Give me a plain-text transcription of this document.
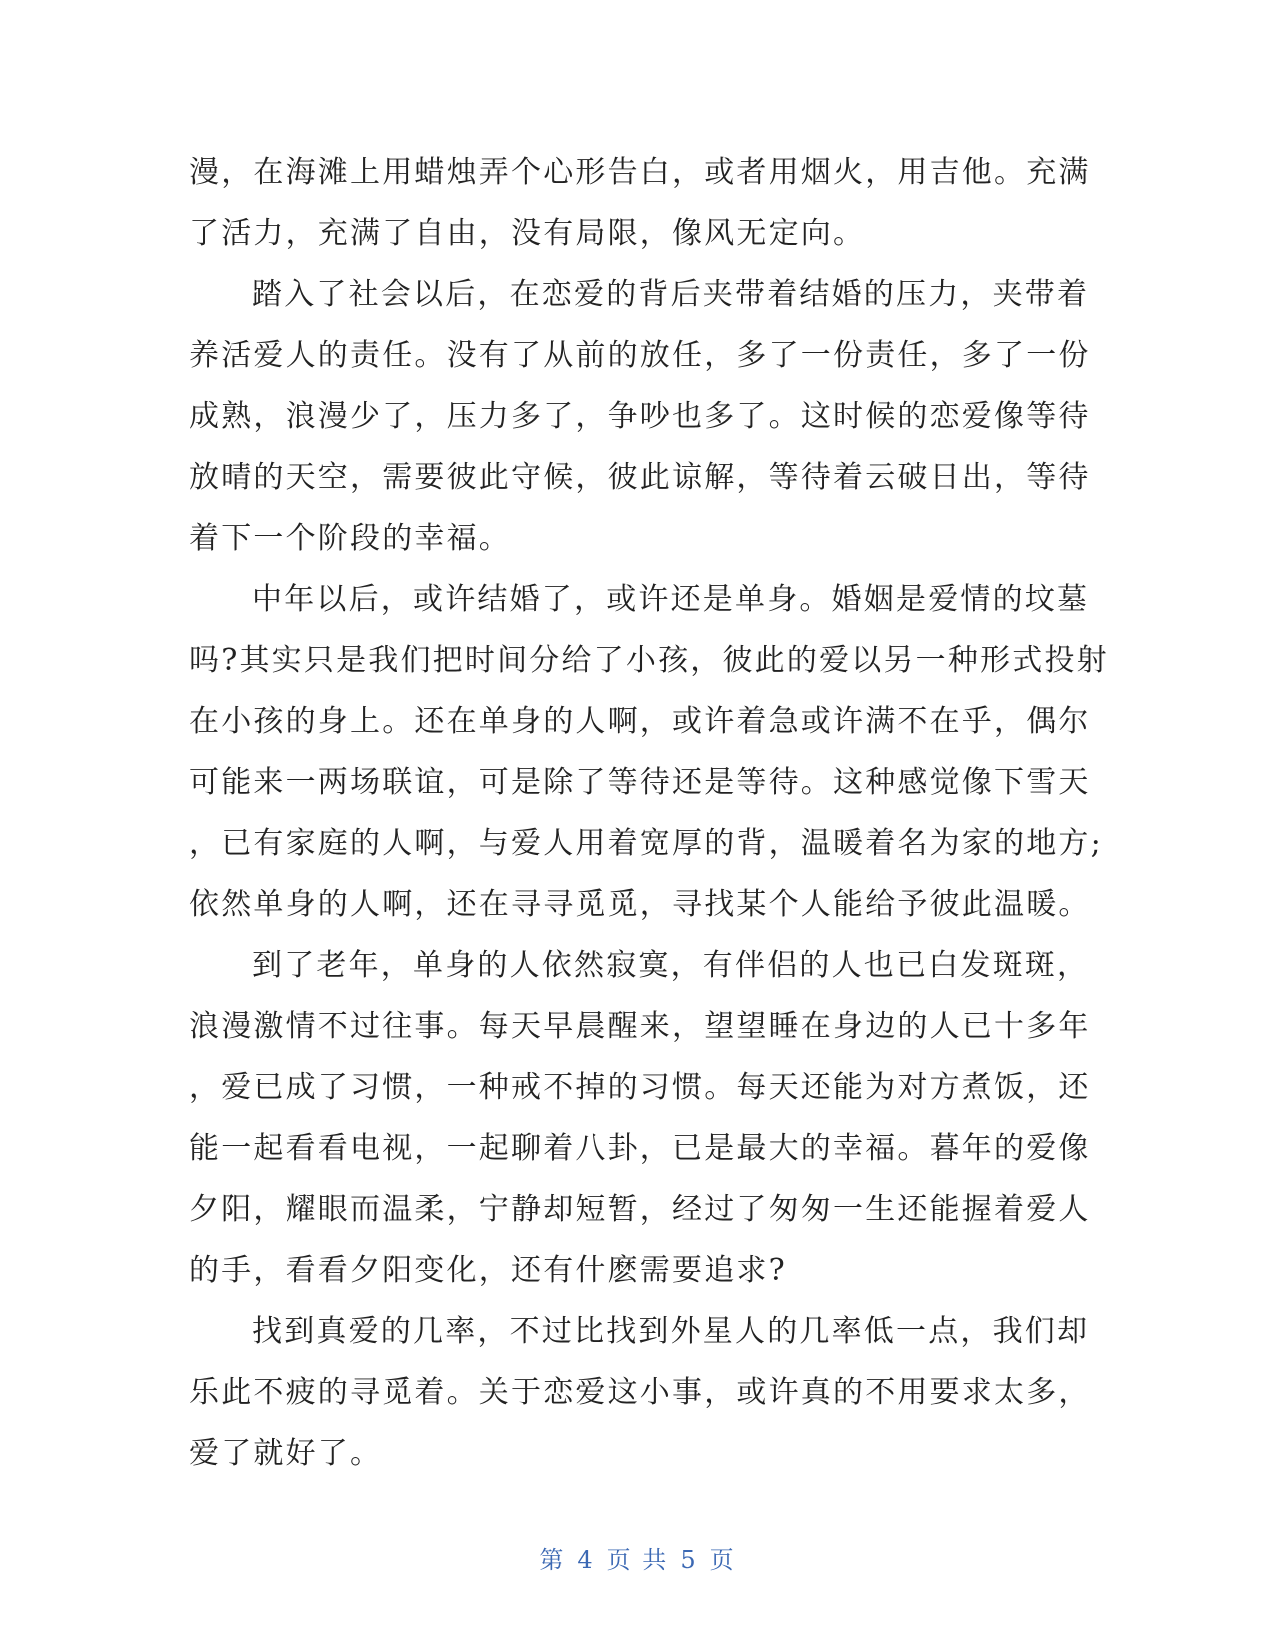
漫，在海滩上用蜡烛弄个心形告白，或者用烟火，用吉他。充满
了活力，充满了自由，没有局限，像风无定向。
踏入了社会以后，在恋爱的背后夹带着结婚的压力，夹带着
养活爱人的责任。没有了从前的放任，多了一份责任，多了一份
成熟，浪漫少了，压力多了，争吵也多了。这时候的恋爱像等待
放晴的天空，需要彼此守候，彼此谅解，等待着云破日出，等待
着下一个阶段的幸福。
中年以后，或许结婚了，或许还是单身。婚姻是爱情的坟墓
吗?其实只是我们把时间分给了小孩，彼此的爱以另一种形式投射
在小孩的身上。还在单身的人啊，或许着急或许满不在乎，偶尔
可能来一两场联谊，可是除了等待还是等待。这种感觉像下雪天
，已有家庭的人啊，与爱人用着宽厚的背，温暖着名为家的地方;
依然单身的人啊，还在寻寻觅觅，寻找某个人能给予彼此温暖。
到了老年，单身的人依然寂寞，有伴侣的人也已白发斑斑，
浪漫激情不过往事。每天早晨醒来，望望睡在身边的人已十多年
，爱已成了习惯，一种戒不掉的习惯。每天还能为对方煮饭，还
能一起看看电视，一起聊着八卦，已是最大的幸福。暮年的爱像
夕阳，耀眼而温柔，宁静却短暂，经过了匆匆一生还能握着爱人
的手，看看夕阳变化，还有什麽需要追求?
找到真爱的几率，不过比找到外星人的几率低一点，我们却
乐此不疲的寻觅着。关于恋爱这小事，或许真的不用要求太多，
爱了就好了。
第 4 页 共 5 页
